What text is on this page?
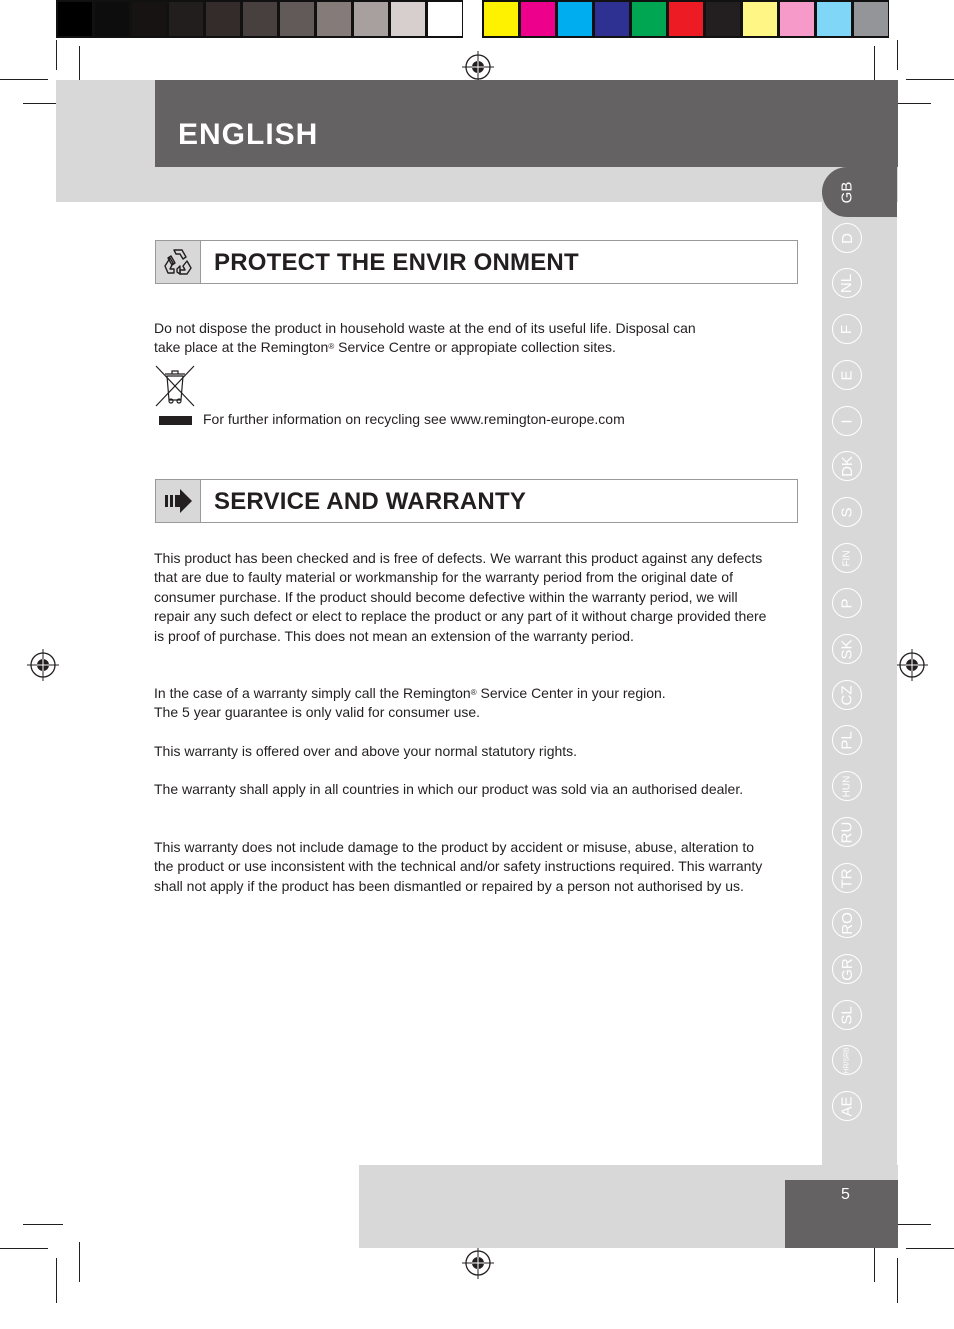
ENGLISH
GB
D
NL
F
E
I
DK
S
FIN
P
SK
CZ
PL
HUN
RU
TR
RO
GR
SL
HR/SRB
AE
PROTECT THE ENVIR ONMENT
Do not dispose the product in household waste at the end of its useful life. Disposal can
take place at the Remington® Service Centre or appropiate collection sites.
For further information on recycling see www.remington-europe.com
SERVICE AND WARRANTY
This product has been checked and is free of defects. We warrant this product against any defects that are due to faulty material or workmanship for the warranty period from the original date of consumer purchase. If the product should become defective within the warranty period, we will repair any such defect or elect to replace the product or any part of it without charge provided there is proof of purchase. This does not mean an extension of the warranty period.
In the case of a warranty simply call the Remington® Service Center in your region.
The 5 year guarantee is only valid for consumer use.
This warranty is offered over and above your normal statutory rights.
The warranty shall apply in all countries in which our product was sold via an authorised dealer.
This warranty does not include damage to the product by accident or misuse, abuse, alteration to the product or use inconsistent with the technical and/or safety instructions required. This warranty shall not apply if the product has been dismantled or repaired by a person not authorised by us.
5
